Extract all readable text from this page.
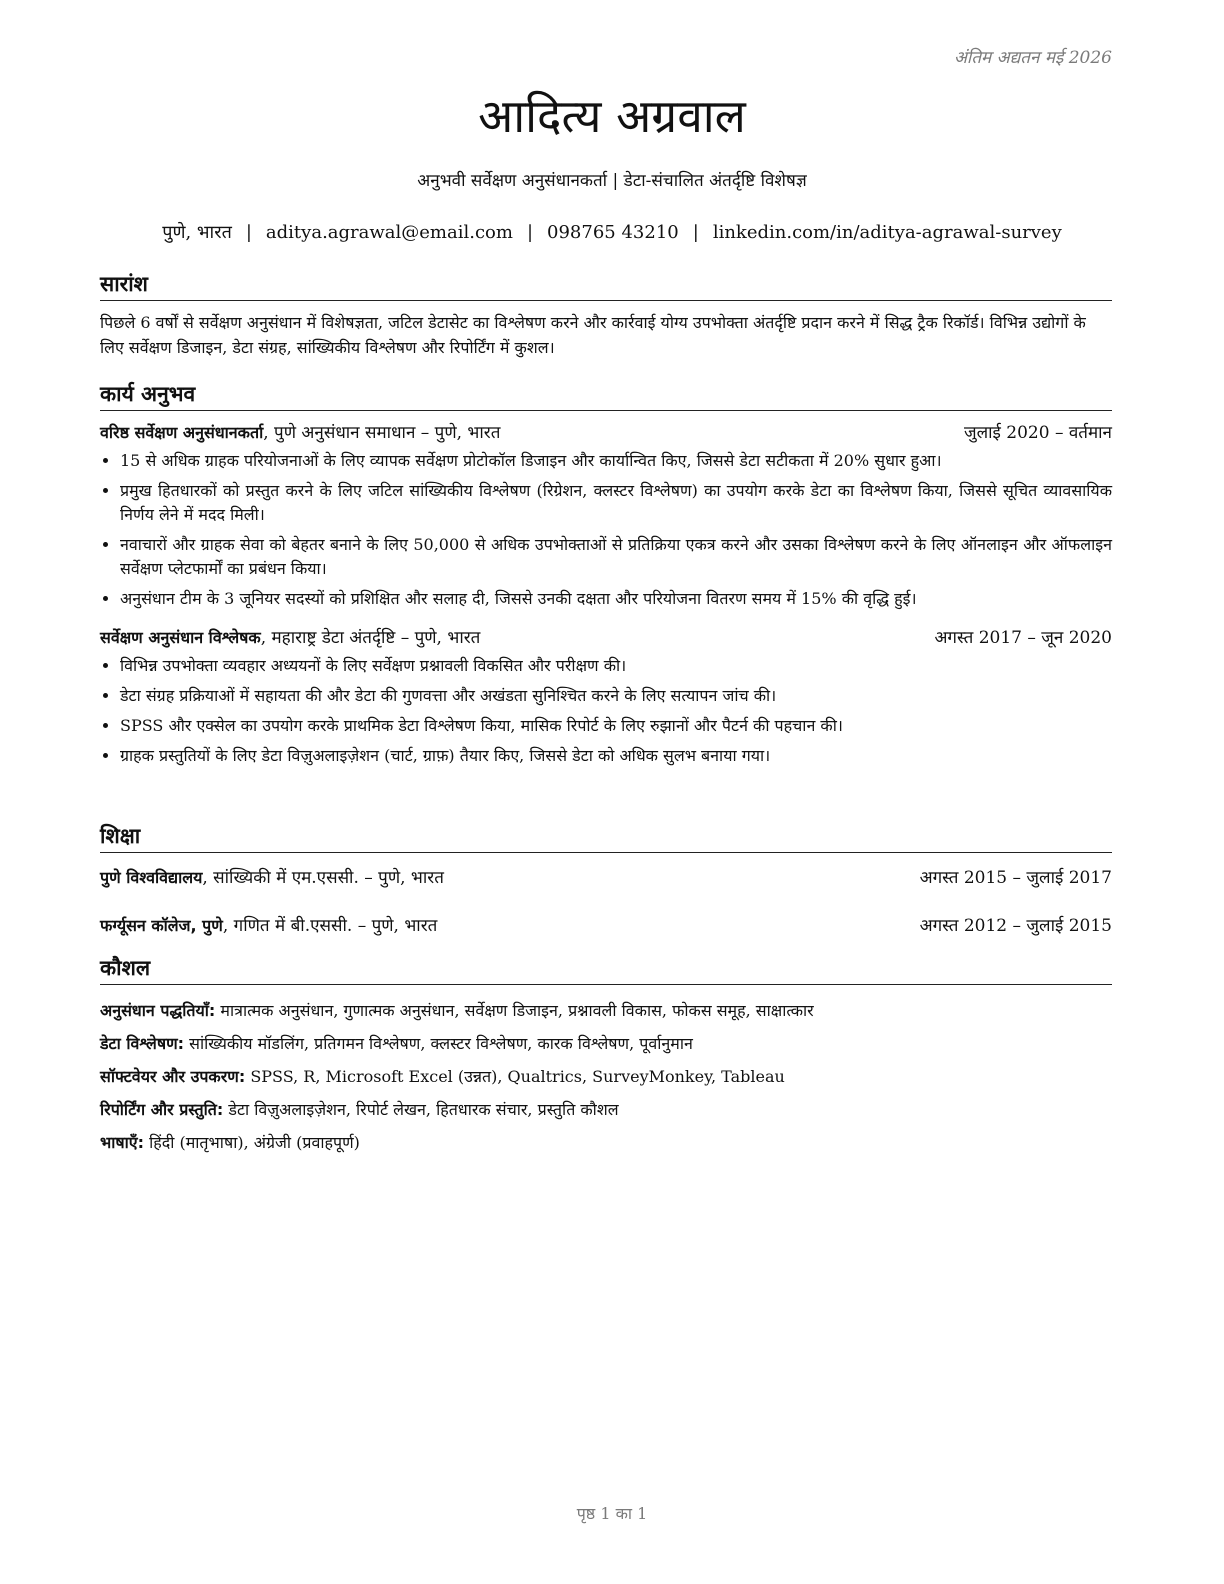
अंतिम अद्यतन मई 2026
आदित्य अग्रवाल
अनुभवी सर्वेक्षण अनुसंधानकर्ता | डेटा-संचालित अंतर्दृष्टि विशेषज्ञ
पुणे, भारत | aditya.agrawal@email.com | 098765 43210 | linkedin.com/in/aditya-agrawal-survey
सारांश

पिछले 6 वर्षों से सर्वेक्षण अनुसंधान में विशेषज्ञता, जटिल डेटासेट का विश्लेषण करने और कार्रवाई योग्य उपभोक्ता अंतर्दृष्टि प्रदान करने में सिद्ध ट्रैक रिकॉर्ड। विभिन्न उद्योगों के लिए सर्वेक्षण डिजाइन, डेटा संग्रह, सांख्यिकीय विश्लेषण और रिपोर्टिंग में कुशल।

कार्य अनुभव
वरिष्ठ सर्वेक्षण अनुसंधानकर्ता, पुणे अनुसंधान समाधान – पुणे, भारत	जुलाई 2020 – वर्तमान
• 15 से अधिक ग्राहक परियोजनाओं के लिए व्यापक सर्वेक्षण प्रोटोकॉल डिजाइन और कार्यान्वित किए, जिससे डेटा सटीकता में 20% सुधार हुआ।
• प्रमुख हितधारकों को प्रस्तुत करने के लिए जटिल सांख्यिकीय विश्लेषण (रिग्रेशन, क्लस्टर विश्लेषण) का उपयोग करके डेटा का विश्लेषण किया, जिससे सूचित व्यावसायिक निर्णय लेने में मदद मिली।
• नवाचारों और ग्राहक सेवा को बेहतर बनाने के लिए 50,000 से अधिक उपभोक्ताओं से प्रतिक्रिया एकत्र करने और उसका विश्लेषण करने के लिए ऑनलाइन और ऑफलाइन सर्वेक्षण प्लेटफार्मों का प्रबंधन किया।
• अनुसंधान टीम के 3 जूनियर सदस्यों को प्रशिक्षित और सलाह दी, जिससे उनकी दक्षता और परियोजना वितरण समय में 15% की वृद्धि हुई।
सर्वेक्षण अनुसंधान विश्लेषक, महाराष्ट्र डेटा अंतर्दृष्टि – पुणे, भारत	अगस्त 2017 – जून 2020
• विभिन्न उपभोक्ता व्यवहार अध्ययनों के लिए सर्वेक्षण प्रश्नावली विकसित और परीक्षण की।
• डेटा संग्रह प्रक्रियाओं में सहायता की और डेटा की गुणवत्ता और अखंडता सुनिश्चित करने के लिए सत्यापन जांच की।
• SPSS और एक्सेल का उपयोग करके प्राथमिक डेटा विश्लेषण किया, मासिक रिपोर्ट के लिए रुझानों और पैटर्न की पहचान की।
• ग्राहक प्रस्तुतियों के लिए डेटा विज़ुअलाइज़ेशन (चार्ट, ग्राफ़) तैयार किए, जिससे डेटा को अधिक सुलभ बनाया गया।
शिक्षा
पुणे विश्वविद्यालय, सांख्यिकी में एम.एससी. – पुणे, भारत	अगस्त 2015 – जुलाई 2017
फर्ग्यूसन कॉलेज, पुणे, गणित में बी.एससी. – पुणे, भारत	अगस्त 2012 – जुलाई 2015
कौशल
अनुसंधान पद्धतियाँ: मात्रात्मक अनुसंधान, गुणात्मक अनुसंधान, सर्वेक्षण डिजाइन, प्रश्नावली विकास, फोकस समूह, साक्षात्कार
डेटा विश्लेषण: सांख्यिकीय मॉडलिंग, प्रतिगमन विश्लेषण, क्लस्टर विश्लेषण, कारक विश्लेषण, पूर्वानुमान
सॉफ्टवेयर और उपकरण: SPSS, R, Microsoft Excel (उन्नत), Qualtrics, SurveyMonkey, Tableau
रिपोर्टिंग और प्रस्तुति: डेटा विज़ुअलाइज़ेशन, रिपोर्ट लेखन, हितधारक संचार, प्रस्तुति कौशल
भाषाएँ: हिंदी (मातृभाषा), अंग्रेजी (प्रवाहपूर्ण)
पृष्ठ 1 का 1
